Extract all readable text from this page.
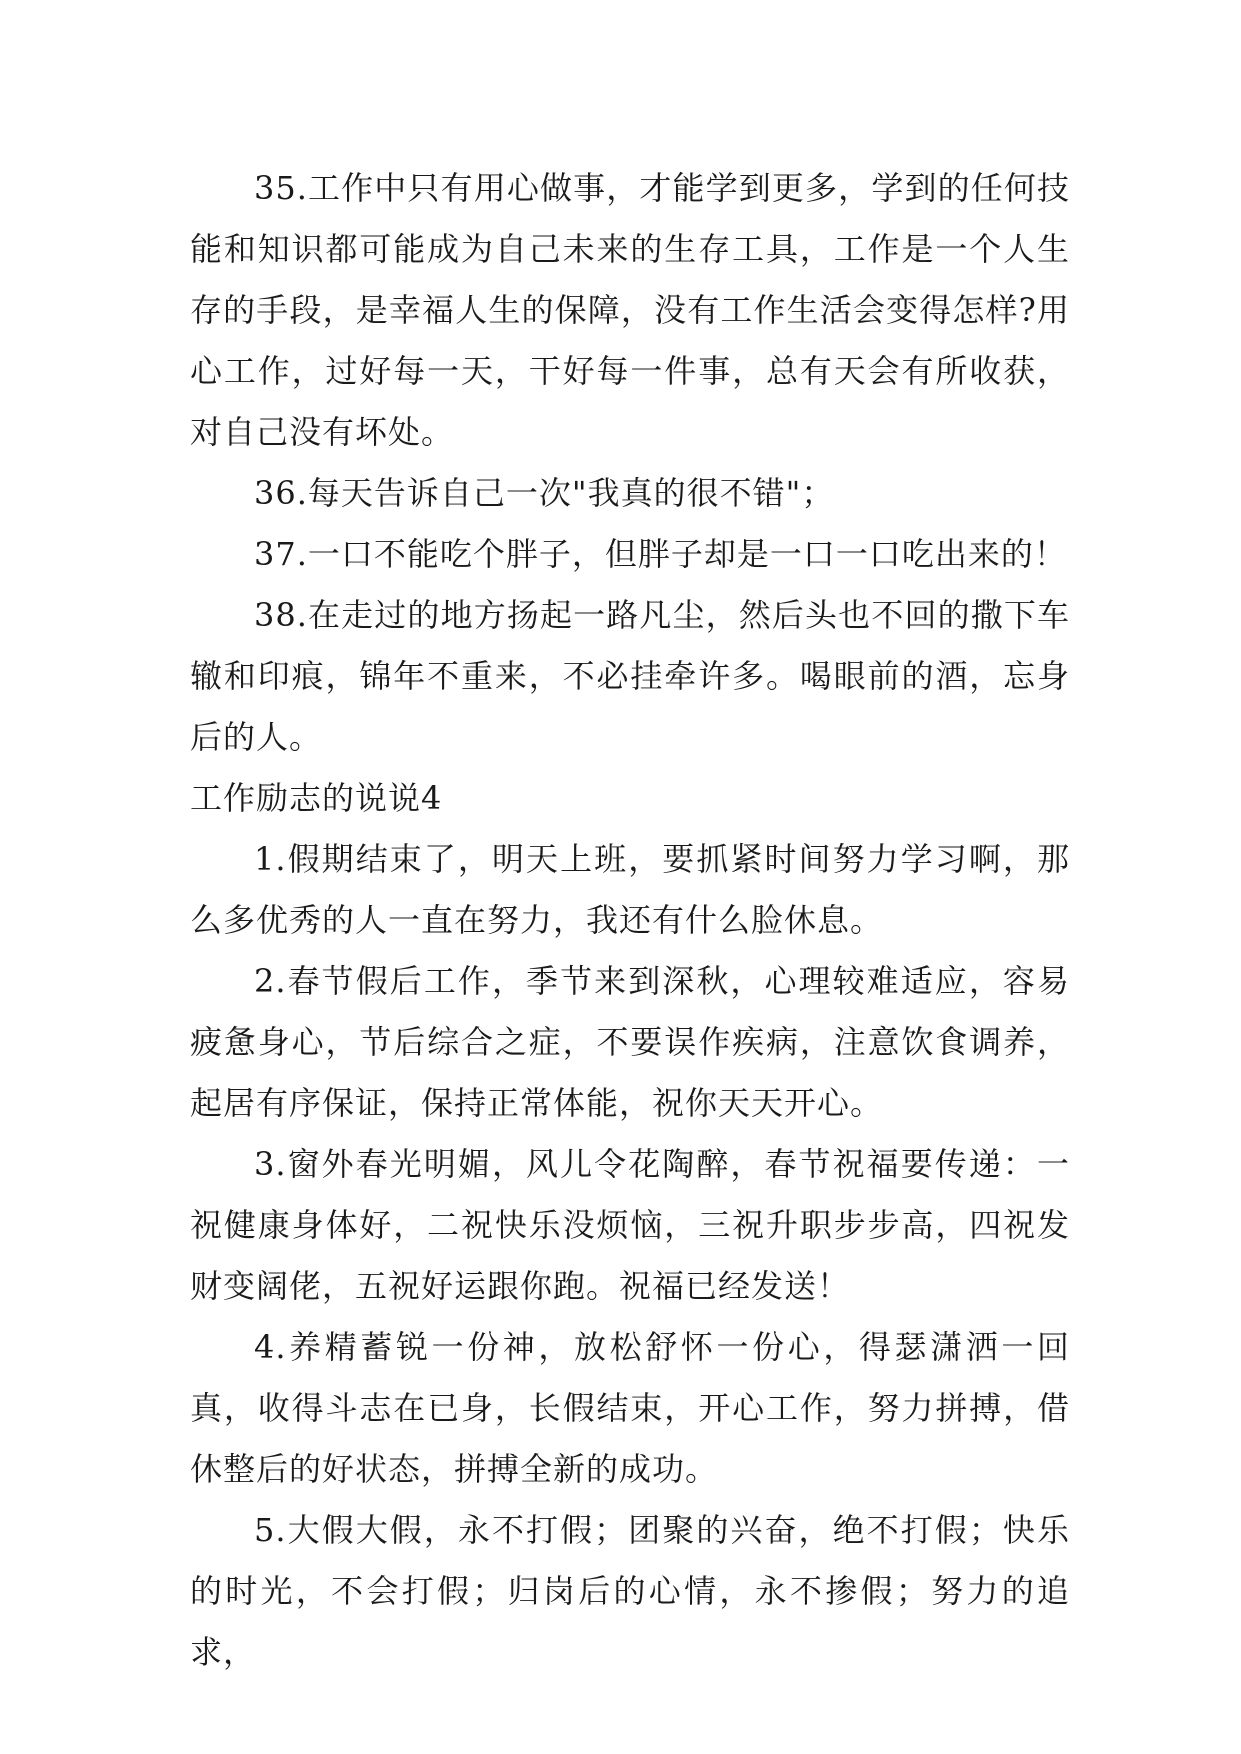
35.工作中只有用心做事，才能学到更多，学到的任何技能和知识都可能成为自己未来的生存工具，工作是一个人生存的手段，是幸福人生的保障，没有工作生活会变得怎样?用心工作，过好每一天，干好每一件事，总有天会有所收获，对自己没有坏处。

36.每天告诉自己一次"我真的很不错"；

37.一口不能吃个胖子，但胖子却是一口一口吃出来的！

38.在走过的地方扬起一路凡尘，然后头也不回的撒下车辙和印痕，锦年不重来，不必挂牵许多。喝眼前的酒，忘身后的人。

工作励志的说说4

1.假期结束了，明天上班，要抓紧时间努力学习啊，那么多优秀的人一直在努力，我还有什么脸休息。

2.春节假后工作，季节来到深秋，心理较难适应，容易疲惫身心，节后综合之症，不要误作疾病，注意饮食调养，起居有序保证，保持正常体能，祝你天天开心。

3.窗外春光明媚，风儿令花陶醉，春节祝福要传递：一祝健康身体好，二祝快乐没烦恼，三祝升职步步高，四祝发财变阔佬，五祝好运跟你跑。祝福已经发送！

4.养精蓄锐一份神，放松舒怀一份心，得瑟潇洒一回真，收得斗志在已身，长假结束，开心工作，努力拼搏，借休整后的好状态，拼搏全新的成功。

5.大假大假，永不打假；团聚的兴奋，绝不打假；快乐的时光，不会打假；归岗后的心情，永不掺假；努力的追求，
